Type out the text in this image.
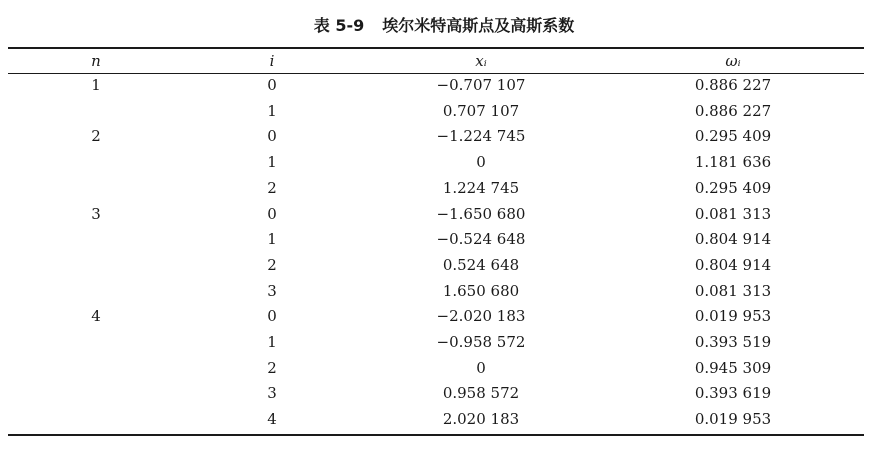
表 5-9 埃尔米特高斯点及高斯系数
n	i	xᵢ	ωᵢ
1	0	−0.707 107	0.886 227
	1	0.707 107	0.886 227
2	0	−1.224 745	0.295 409
	1	0	1.181 636
	2	1.224 745	0.295 409
3	0	−1.650 680	0.081 313
	1	−0.524 648	0.804 914
	2	0.524 648	0.804 914
	3	1.650 680	0.081 313
4	0	−2.020 183	0.019 953
	1	−0.958 572	0.393 519
	2	0	0.945 309
	3	0.958 572	0.393 619
	4	2.020 183	0.019 953
